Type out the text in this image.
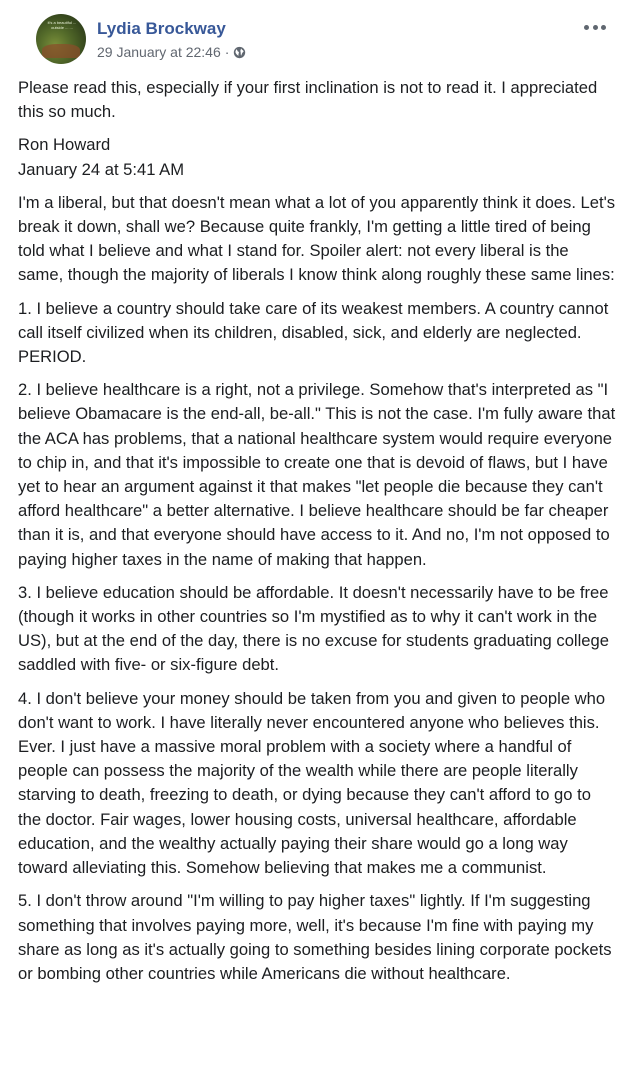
it's a beautiful ... outside ... ...	Lydia Brockway
29 January at 22:46 ·

Please read this, especially if your first inclination is not to read it. I appreciated this so much.

Ron Howard
January 24 at 5:41 AM

I'm a liberal, but that doesn't mean what a lot of you apparently think it does. Let's break it down, shall we? Because quite frankly, I'm getting a little tired of being told what I believe and what I stand for. Spoiler alert: not every liberal is the same, though the majority of liberals I know think along roughly these same lines:

1. I believe a country should take care of its weakest members. A country cannot call itself civilized when its children, disabled, sick, and elderly are neglected. PERIOD.

2. I believe healthcare is a right, not a privilege. Somehow that's interpreted as "I believe Obamacare is the end-all, be-all." This is not the case. I'm fully aware that the ACA has problems, that a national healthcare system would require everyone to chip in, and that it's impossible to create one that is devoid of flaws, but I have yet to hear an argument against it that makes "let people die because they can't afford healthcare" a better alternative. I believe healthcare should be far cheaper than it is, and that everyone should have access to it. And no, I'm not opposed to paying higher taxes in the name of making that happen.

3. I believe education should be affordable. It doesn't necessarily have to be free (though it works in other countries so I'm mystified as to why it can't work in the US), but at the end of the day, there is no excuse for students graduating college saddled with five- or six-figure debt.

4. I don't believe your money should be taken from you and given to people who don't want to work. I have literally never encountered anyone who believes this. Ever. I just have a massive moral problem with a society where a handful of people can possess the majority of the wealth while there are people literally starving to death, freezing to death, or dying because they can't afford to go to the doctor. Fair wages, lower housing costs, universal healthcare, affordable education, and the wealthy actually paying their share would go a long way toward alleviating this. Somehow believing that makes me a communist.

5. I don't throw around "I'm willing to pay higher taxes" lightly. If I'm suggesting something that involves paying more, well, it's because I'm fine with paying my share as long as it's actually going to something besides lining corporate pockets or bombing other countries while Americans die without healthcare.
